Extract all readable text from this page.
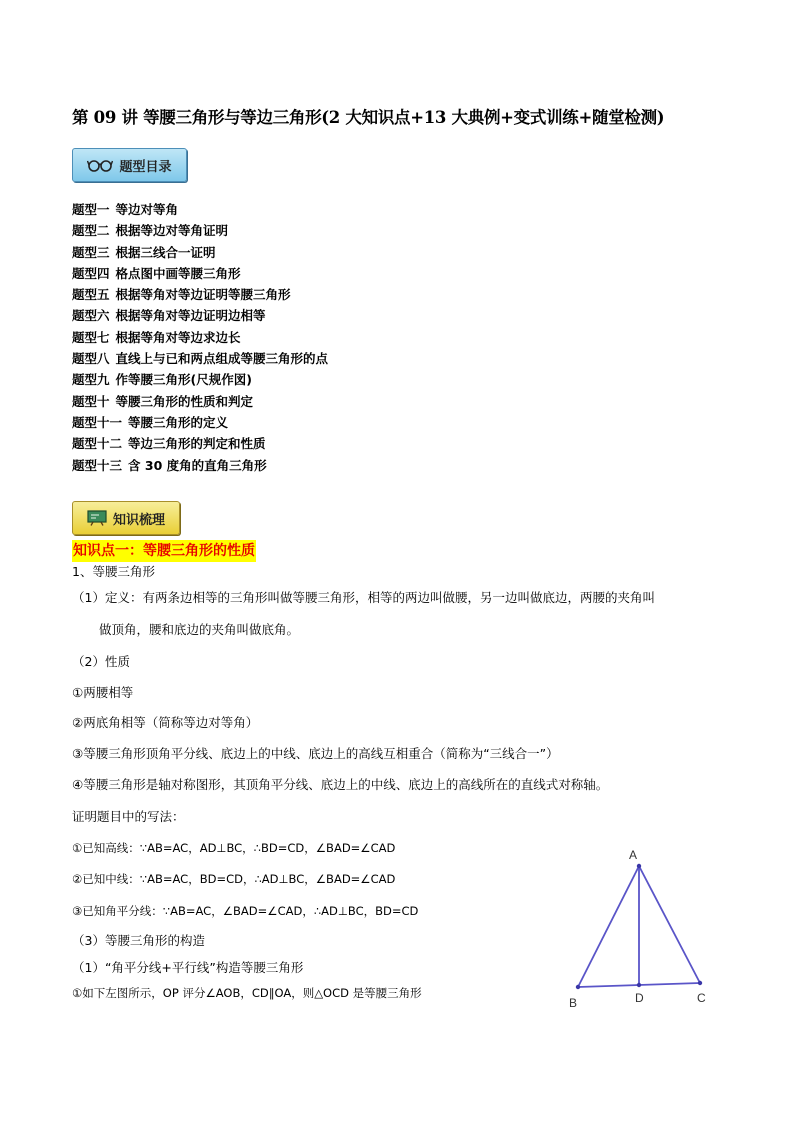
第 09 讲 等腰三角形与等边三角形(2 大知识点+13 大典例+变式训练+随堂检测)
题型目录
题型一 等边对等角
题型二 根据等边对等角证明
题型三 根据三线合一证明
题型四 格点图中画等腰三角形
题型五 根据等角对等边证明等腰三角形
题型六 根据等角对等边证明边相等
题型七 根据等角对等边求边长
题型八 直线上与已和两点组成等腰三角形的点
题型九 作等腰三角形(尺规作図)
题型十 等腰三角形的性质和判定
题型十一 等腰三角形的定义
题型十二 等边三角形的判定和性质
题型十三 含 30 度角的直角三角形
知识梳理
知识点一：等腰三角形的性质
1、等腰三角形
（1）定义：有两条边相等的三角形叫做等腰三角形，相等的两边叫做腰，另一边叫做底边，两腰的夹角叫
做顶角，腰和底边的夹角叫做底角。
（2）性质
①两腰相等
②两底角相等（简称等边对等角）
③等腰三角形顶角平分线、底边上的中线、底边上的高线互相重合（简称为“三线合一”）
④等腰三角形是轴对称图形，其顶角平分线、底边上的中线、底边上的高线所在的直线式对称轴。
证明题目中的写法：
①已知高线：∵AB=AC，AD⊥BC，∴BD=CD，∠BAD=∠CAD
②已知中线：∵AB=AC，BD=CD，∴AD⊥BC，∠BAD=∠CAD
③已知角平分线：∵AB=AC，∠BAD=∠CAD，∴AD⊥BC，BD=CD
（3）等腰三角形的构造
（1）“角平分线+平行线”构造等腰三角形
①如下左图所示，OP 评分∠AOB，CD∥OA，则△OCD 是等腰三角形
A
B	C
D
